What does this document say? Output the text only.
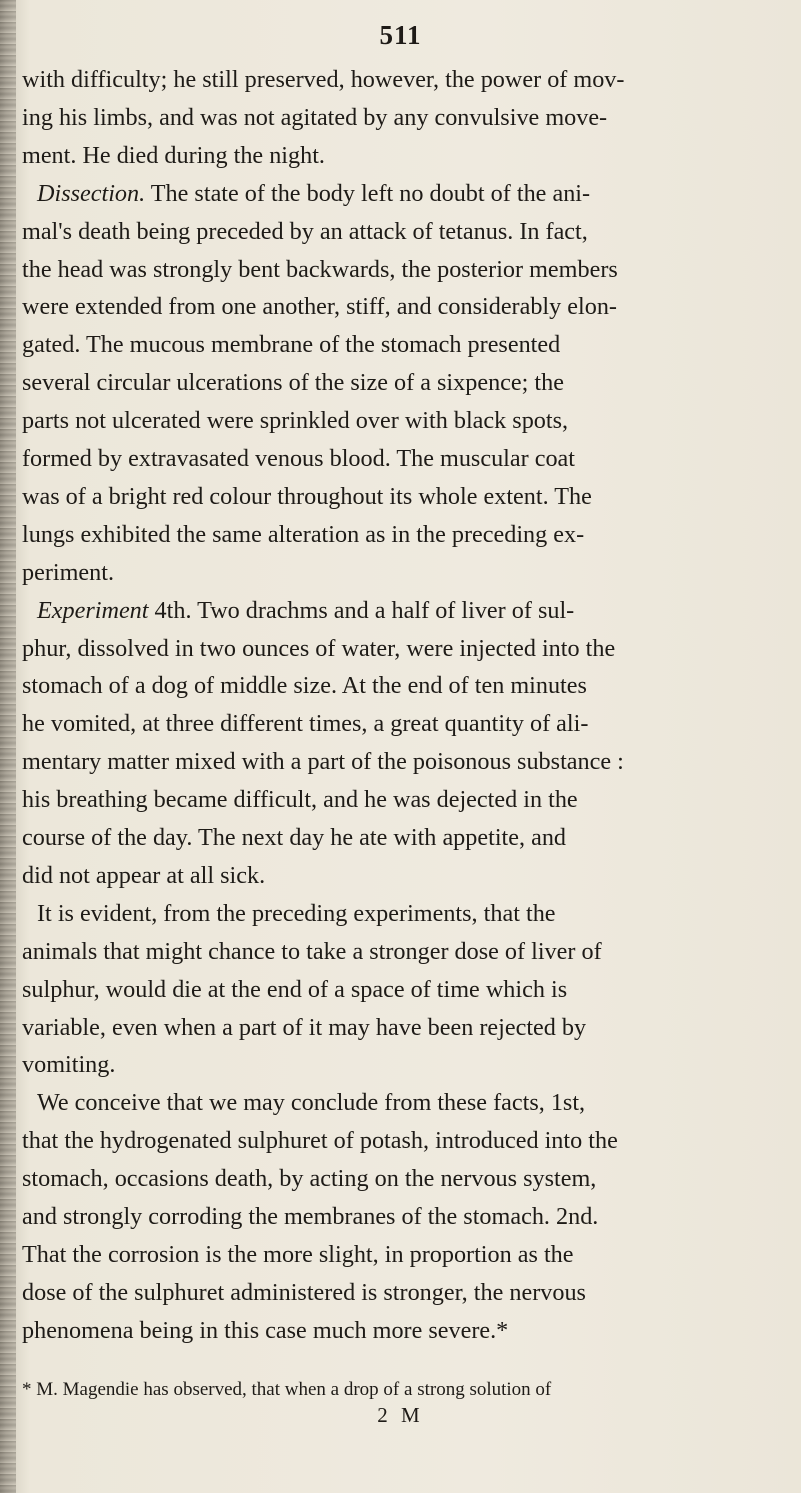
511
with difficulty; he still preserved, however, the power of mov-
ing his limbs, and was not agitated by any convulsive move-
ment. He died during the night.
Dissection. The state of the body left no doubt of the ani-
mal's death being preceded by an attack of tetanus. In fact,
the head was strongly bent backwards, the posterior members
were extended from one another, stiff, and considerably elon-
gated. The mucous membrane of the stomach presented
several circular ulcerations of the size of a sixpence; the
parts not ulcerated were sprinkled over with black spots,
formed by extravasated venous blood. The muscular coat
was of a bright red colour throughout its whole extent. The
lungs exhibited the same alteration as in the preceding ex-
periment.
Experiment 4th. Two drachms and a half of liver of sul-
phur, dissolved in two ounces of water, were injected into the
stomach of a dog of middle size. At the end of ten minutes
he vomited, at three different times, a great quantity of ali-
mentary matter mixed with a part of the poisonous substance :
his breathing became difficult, and he was dejected in the
course of the day. The next day he ate with appetite, and
did not appear at all sick.
It is evident, from the preceding experiments, that the
animals that might chance to take a stronger dose of liver of
sulphur, would die at the end of a space of time which is
variable, even when a part of it may have been rejected by
vomiting.
We conceive that we may conclude from these facts, 1st,
that the hydrogenated sulphuret of potash, introduced into the
stomach, occasions death, by acting on the nervous system,
and strongly corroding the membranes of the stomach. 2nd.
That the corrosion is the more slight, in proportion as the
dose of the sulphuret administered is stronger, the nervous
phenomena being in this case much more severe.*
* M. Magendie has observed, that when a drop of a strong solution of
2 M
